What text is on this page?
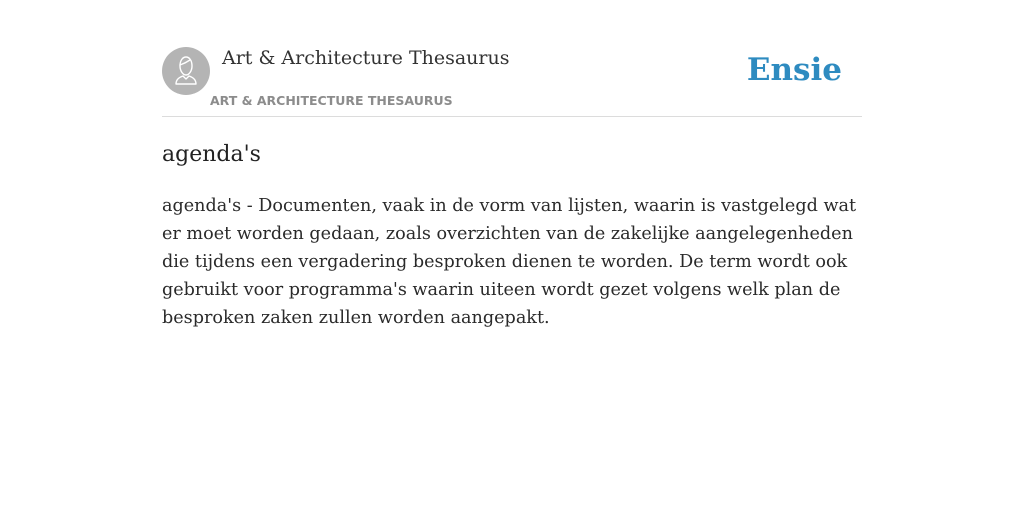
Art & Architecture Thesaurus
ART & ARCHITECTURE THESAURUS
Ensie
agenda's

agenda's - Documenten, vaak in de vorm van lijsten, waarin is vastgelegd wat er moet worden gedaan, zoals overzichten van de zakelijke aangelegenheden die tijdens een vergadering besproken dienen te worden. De term wordt ook gebruikt voor programma's waarin uiteen wordt gezet volgens welk plan de besproken zaken zullen worden aangepakt.
